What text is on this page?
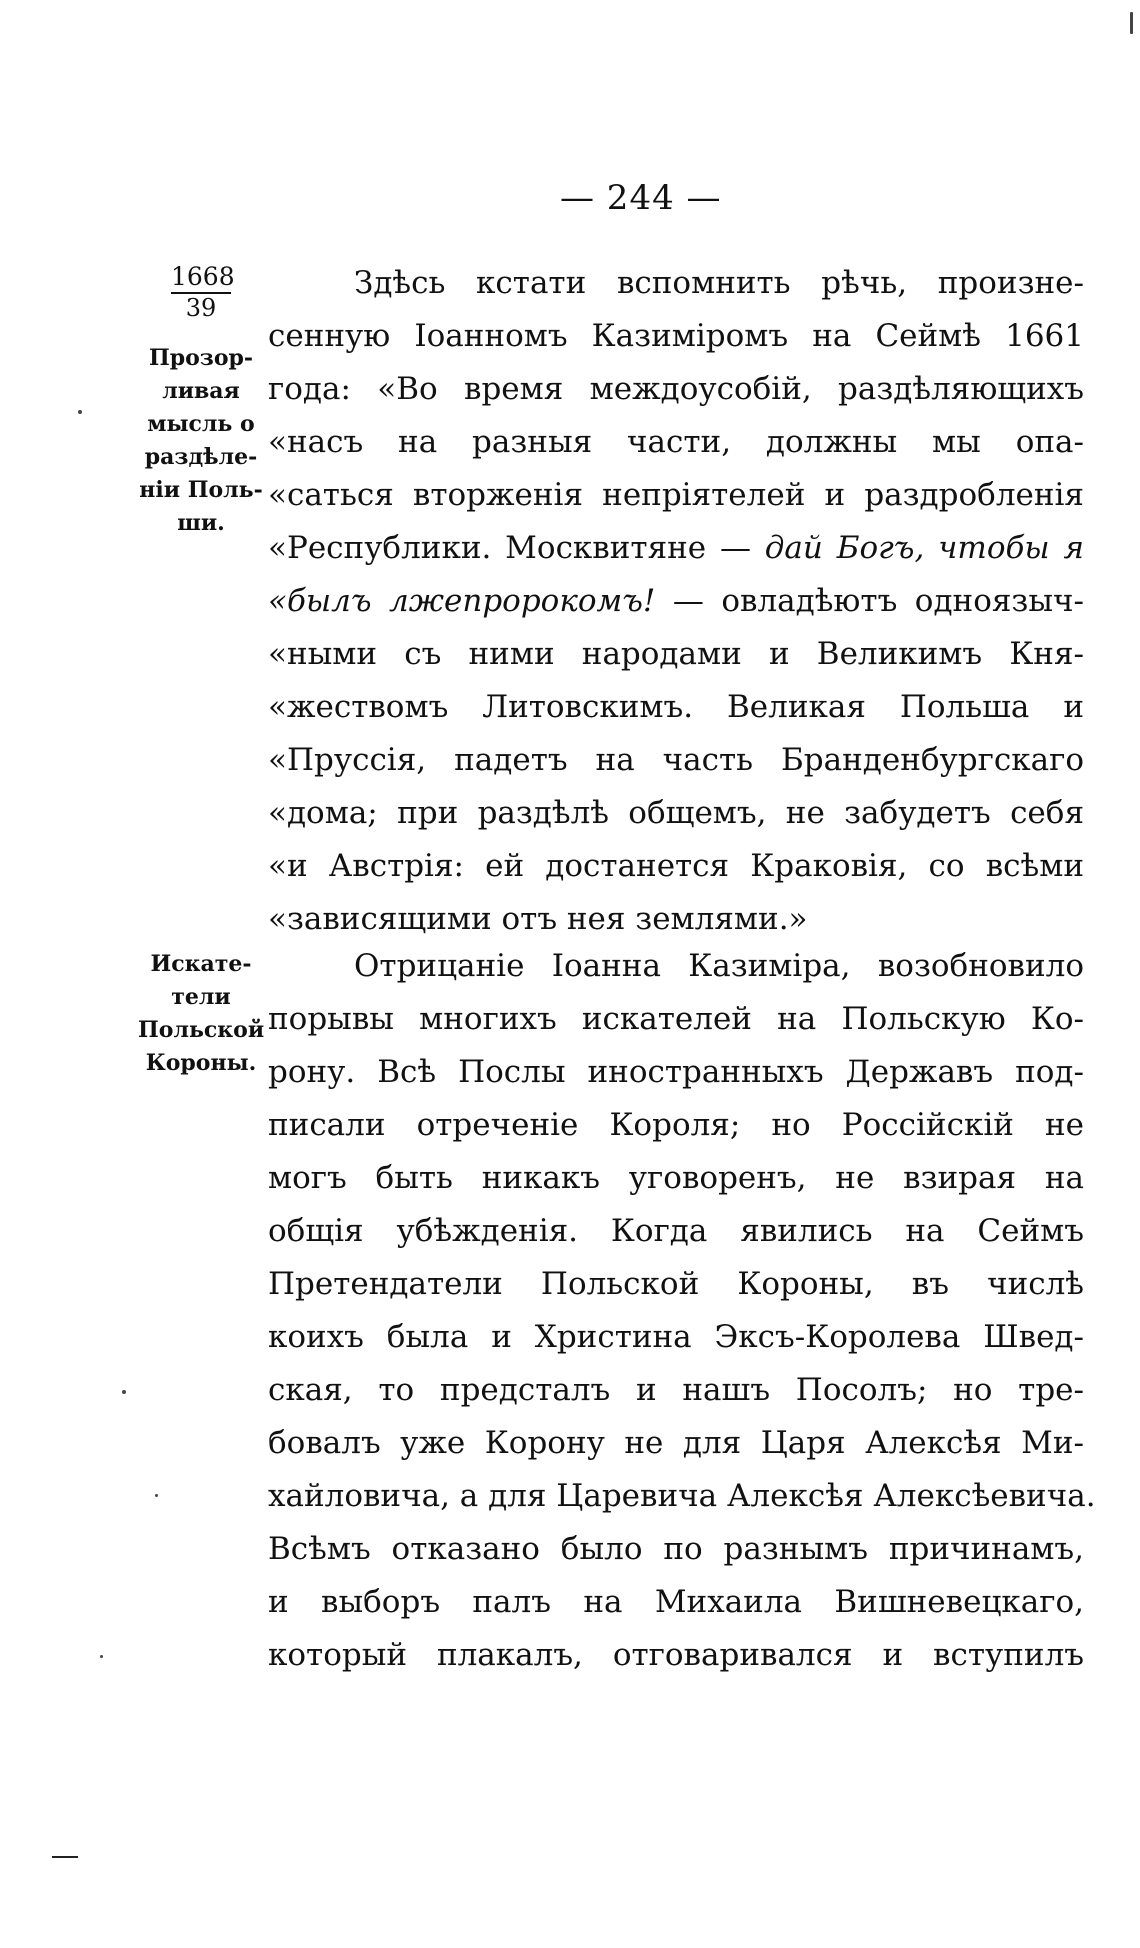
— 244 —
1668
39
Прозор-
ливая
мысль о
раздѣле-
ніи Поль-
ши.
Искате-
тели
Польской
Короны.
Здѣсь кстати вспомнить рѣчь, произне-
сенную Іоанномъ Казиміромъ на Сеймѣ 1661
года: «Во время междоусобій, раздѣляющихъ
«насъ на разныя части, должны мы опа-
«саться вторженія непріятелей и раздробленія
«Республики. Москвитяне — дай Богъ, чтобы я
«былъ лжепророкомъ! — овладѣютъ одноязыч-
«ными съ ними народами и Великимъ Кня-
«жествомъ Литовскимъ. Великая Польша и
«Пруссія, падетъ на часть Бранденбургскаго
«дома; при раздѣлѣ общемъ, не забудетъ себя
«и Австрія: ей достанется Краковія, со всѣми
«зависящими отъ нея землями.»
Отрицаніе Іоанна Казиміра, возобновило
порывы многихъ искателей на Польскую Ко-
рону. Всѣ Послы иностранныхъ Державъ под-
писали отреченіе Короля; но Россійскій не
могъ быть никакъ уговоренъ, не взирая на
общія убѣжденія. Когда явились на Сеймъ
Претендатели Польской Короны, въ числѣ
коихъ была и Христина Эксъ-Королева Швед-
ская, то предсталъ и нашъ Посолъ; но тре-
бовалъ уже Корону не для Царя Алексѣя Ми-
хайловича, а для Царевича Алексѣя Алексѣевича.
Всѣмъ отказано было по разнымъ причинамъ,
и выборъ палъ на Михаила Вишневецкаго,
который плакалъ, отговаривался и вступилъ
